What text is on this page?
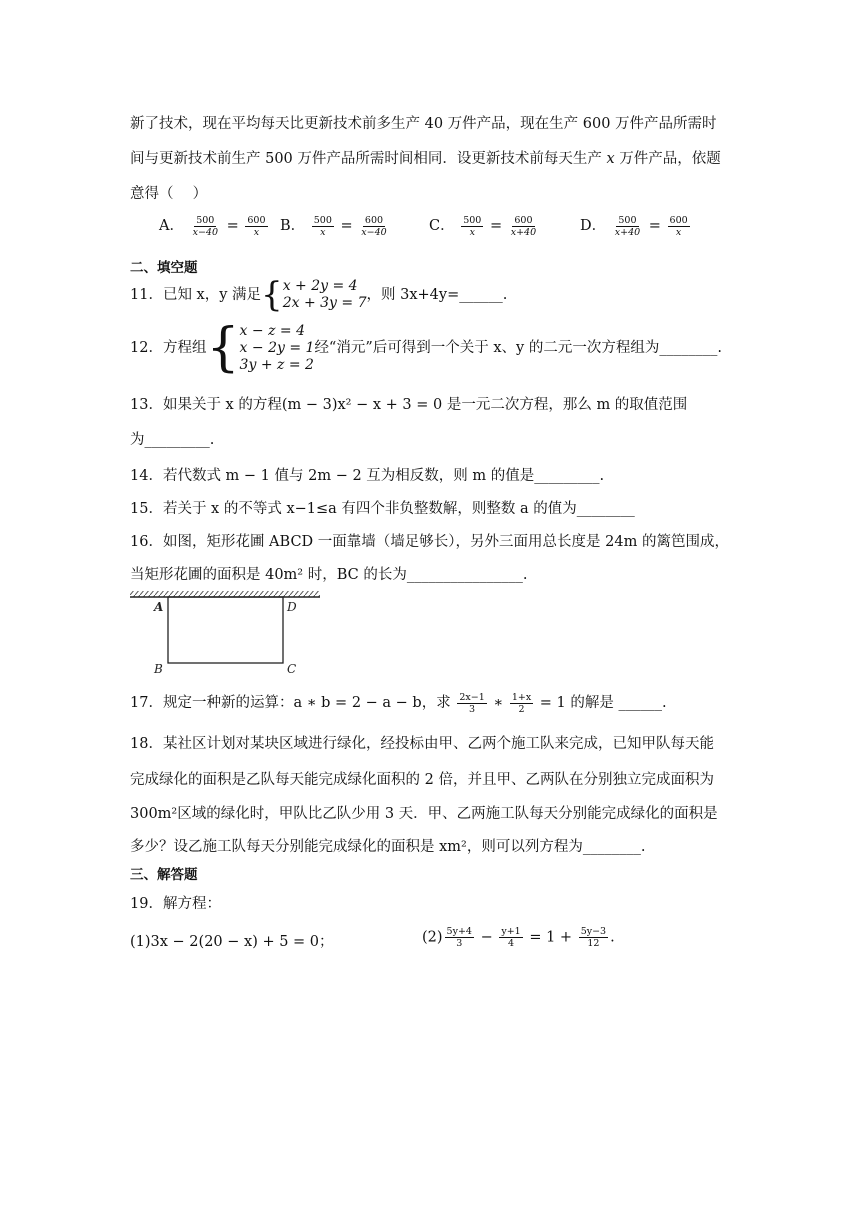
新了技术，现在平均每天比更新技术前多生产 40 万件产品，现在生产 600 万件产品所需时
间与更新技术前生产 500 万件产品所需时间相同．设更新技术前每天生产 x 万件产品，依题
意得（　 ）
A． $\frac{500}{x-40} = \frac{600}{x}$ B． $\frac{500}{x} = \frac{600}{x-40}$	C． $\frac{500}{x} = \frac{600}{x+40}$	D． $\frac{500}{x+40} = \frac{600}{x}$
二、填空题
11．已知 x，y 满足 { x + 2y = 4
2x + 3y = 7 ，则 3x+4y=______.
12．方程组 { x − z = 4
x − 2y = 1
3y + z = 2
经“消元”后可得到一个关于 x、y 的二元一次方程组为________.
13．如果关于 x 的方程(m − 3)x² − x + 3 = 0 是一元二次方程，那么 m 的取值范围
为_________.
14．若代数式 m − 1 值与 2m − 2 互为相反数，则 m 的值是_________.
15．若关于 x 的不等式 x−1≤a 有四个非负整数解，则整数 a 的值为________
16．如图，矩形花圃 ABCD 一面靠墙（墙足够长），另外三面用总长度是 24m 的篱笆围成，
当矩形花圃的面积是 40m² 时，BC 的长为________________.
A
B	C
D
17．规定一种新的运算：a ∗ b = 2 − a − b，求 $\frac{2x-1}{3}$ ∗ $\frac{1+x}{2} = 1$ 的解是 ______.
18．某社区计划对某块区域进行绿化，经投标由甲、乙两个施工队来完成，已知甲队每天能
完成绿化的面积是乙队每天能完成绿化面积的 2 倍，并且甲、乙两队在分别独立完成面积为
300m²区域的绿化时，甲队比乙队少用 3 天．甲、乙两施工队每天分别能完成绿化的面积是
多少？设乙施工队每天分别能完成绿化的面积是 xm²，则可以列方程为________.
三、解答题
19．解方程：
(1)3x − 2(20 − x) + 5 = 0；	$(2) \frac{5y+4}{3} - \frac{y+1}{4} = 1 + \frac{5y-3}{12}$ .
